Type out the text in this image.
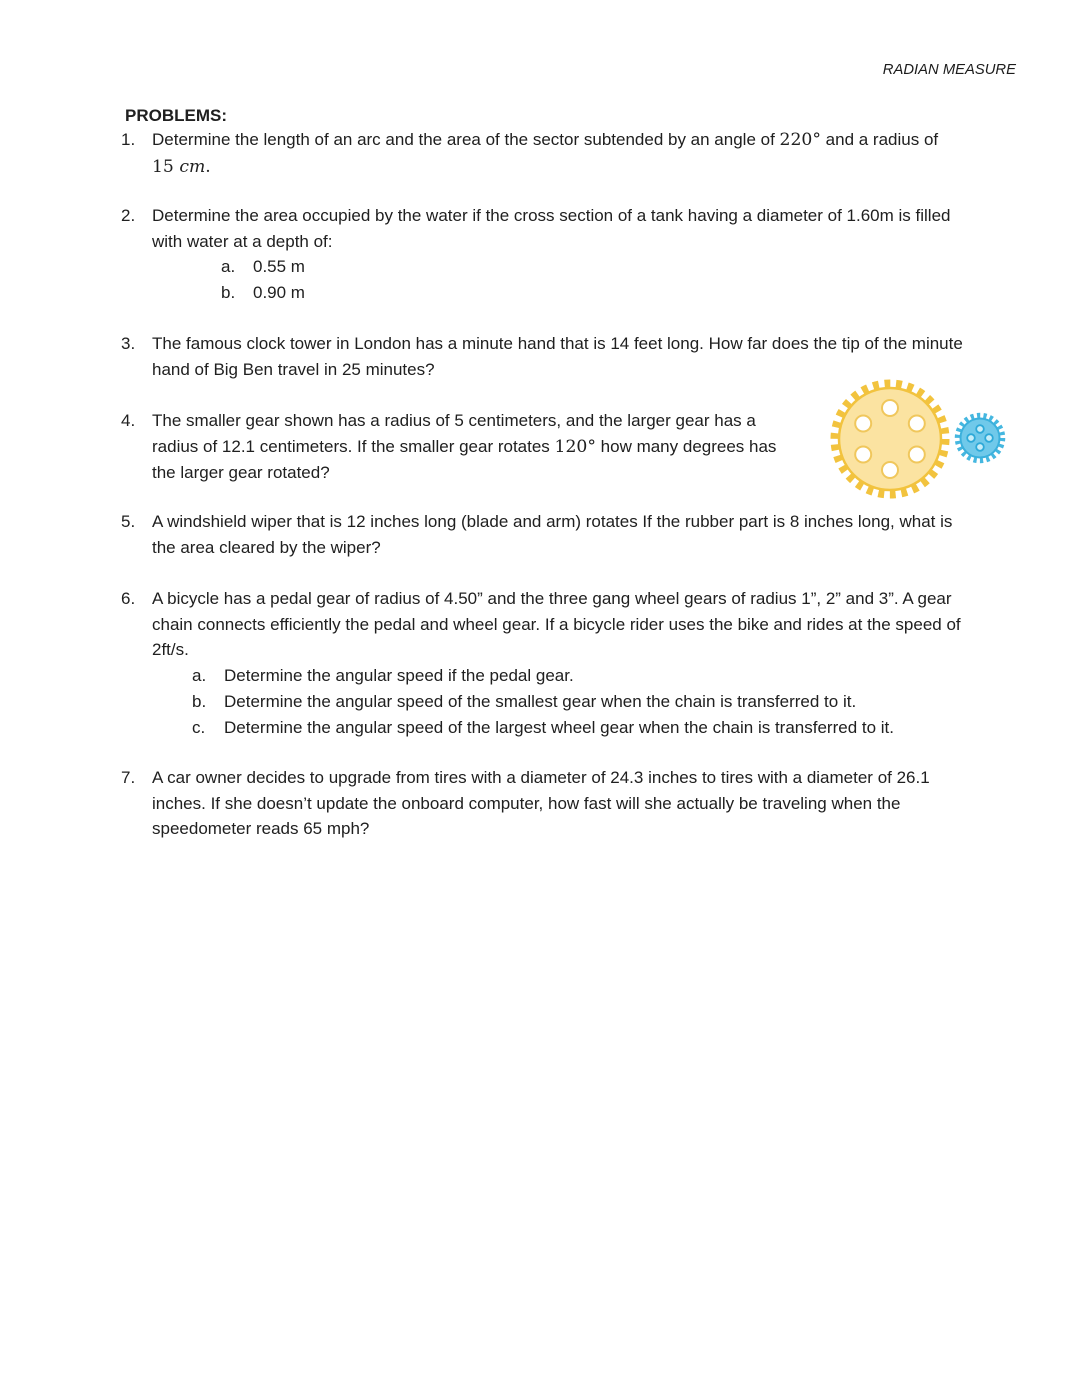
RADIAN MEASURE
PROBLEMS:
1. Determine the length of an arc and the area of the sector subtended by an angle of 220° and a radius of
15 cm.
2. Determine the area occupied by the water if the cross section of a tank having a diameter of 1.60m is filled
with water at a depth of:
a.	0.55 m
b.	0.90 m
3. The famous clock tower in London has a minute hand that is 14 feet long. How far does the tip of the minute
hand of Big Ben travel in 25 minutes?
4. The smaller gear shown has a radius of 5 centimeters, and the larger gear has a
radius of 12.1 centimeters. If the smaller gear rotates 120° how many degrees has
the larger gear rotated?
5. A windshield wiper that is 12 inches long (blade and arm) rotates If the rubber part is 8 inches long, what is
the area cleared by the wiper?
6. A bicycle has a pedal gear of radius of 4.50” and the three gang wheel gears of radius 1”, 2” and 3”. A gear
chain connects efficiently the pedal and wheel gear. If a bicycle rider uses the bike and rides at the speed of
2ft/s.
a.	Determine the angular speed if the pedal gear.
b.	Determine the angular speed of the smallest gear when the chain is transferred to it.
c.	Determine the angular speed of the largest wheel gear when the chain is transferred to it.
7. A car owner decides to upgrade from tires with a diameter of 24.3 inches to tires with a diameter of 26.1
inches. If she doesn’t update the onboard computer, how fast will she actually be traveling when the
speedometer reads 65 mph?
